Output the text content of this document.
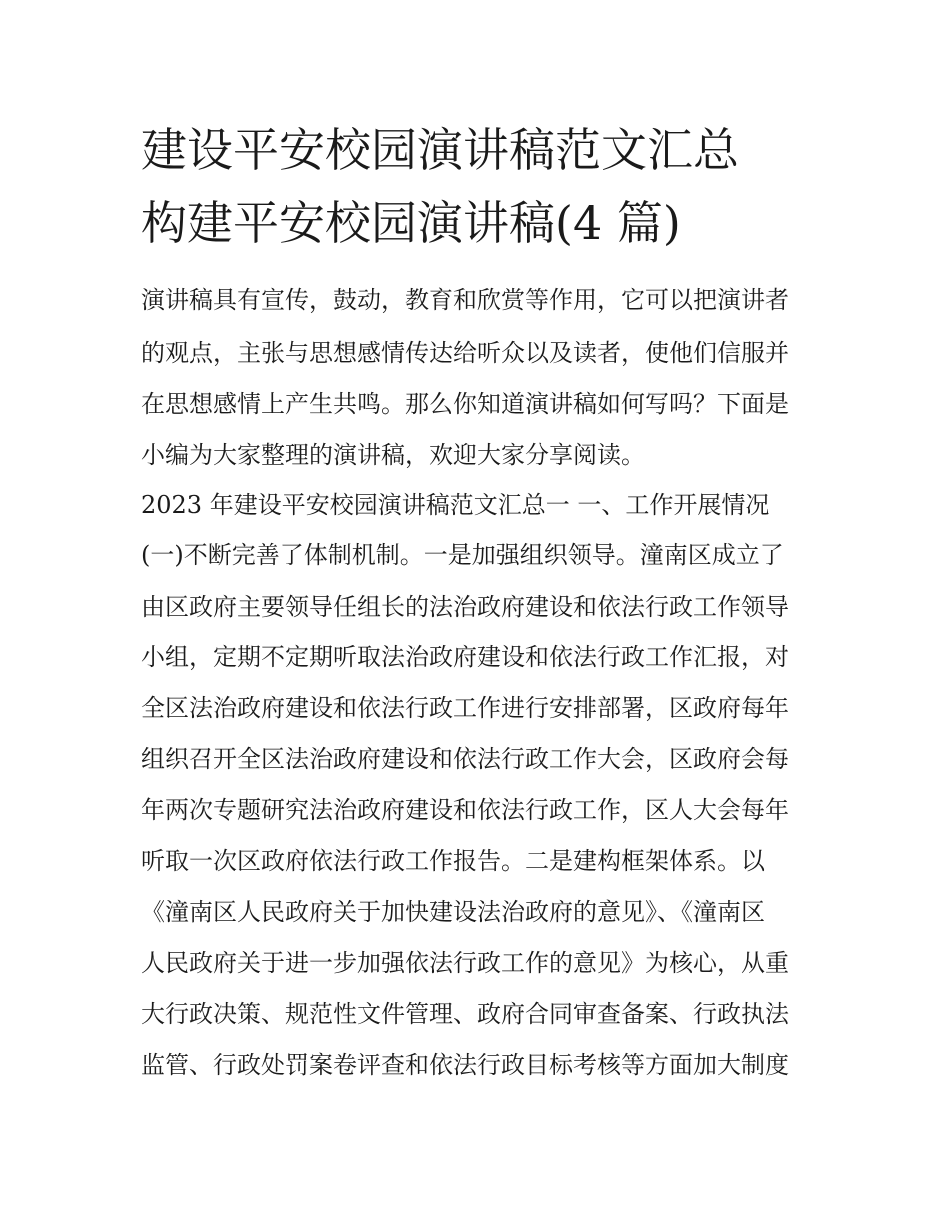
建设平安校园演讲稿范文汇总
构建平安校园演讲稿(4 篇)

演讲稿具有宣传，鼓动，教育和欣赏等作用，它可以把演讲者

的观点，主张与思想感情传达给听众以及读者，使他们信服并

在思想感情上产生共鸣。那么你知道演讲稿如何写吗？下面是

小编为大家整理的演讲稿，欢迎大家分享阅读。

2023 年建设平安校园演讲稿范文汇总一 一、工作开展情况

(一)不断完善了体制机制。一是加强组织领导。潼南区成立了

由区政府主要领导任组长的法治政府建设和依法行政工作领导

小组，定期不定期听取法治政府建设和依法行政工作汇报，对

全区法治政府建设和依法行政工作进行安排部署，区政府每年

组织召开全区法治政府建设和依法行政工作大会，区政府会每

年两次专题研究法治政府建设和依法行政工作，区人大会每年

听取一次区政府依法行政工作报告。二是建构框架体系。以

《潼南区人民政府关于加快建设法治政府的意见》、《潼南区

人民政府关于进一步加强依法行政工作的意见》为核心，从重

大行政决策、规范性文件管理、政府合同审查备案、行政执法

监管、行政处罚案卷评查和依法行政目标考核等方面加大制度
